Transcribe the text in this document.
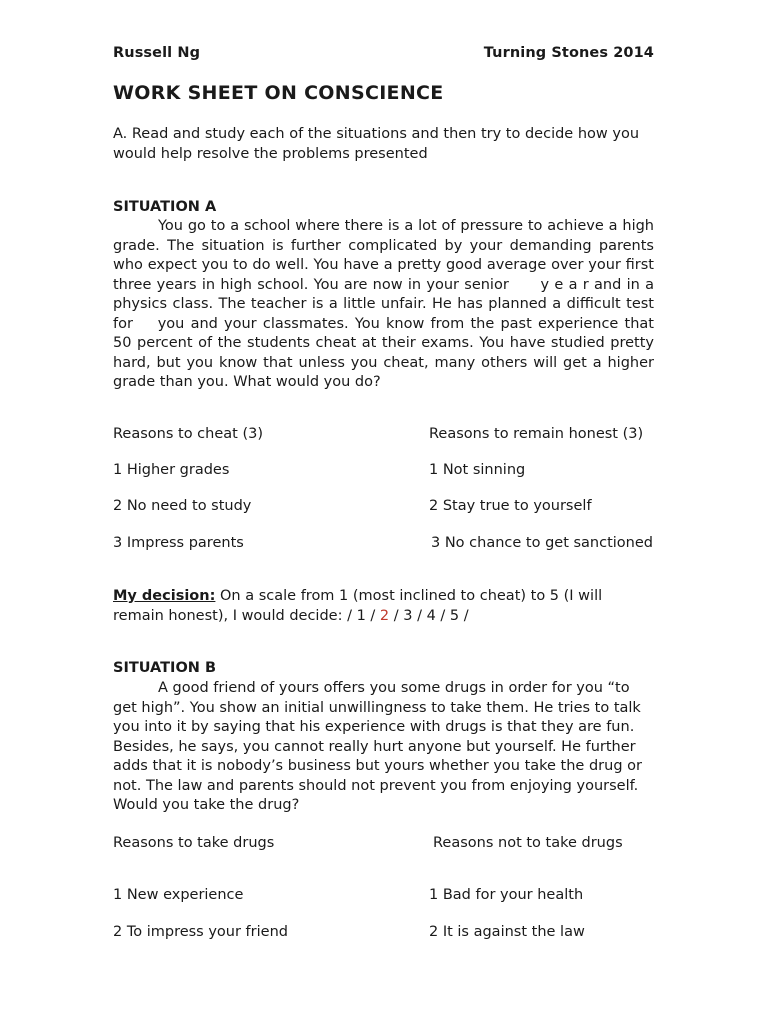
Russell Ng	Turning Stones 2014
WORK SHEET ON CONSCIENCE
A. Read and study each of the situations and then try to decide how you would help resolve the problems presented
SITUATION A
You go to a school where there is a lot of pressure to achieve a high grade. The situation is further complicated by your demanding parents who expect you to do well. You have a pretty good average over your first three years in high school. You are now in your senior      y e a r and in a physics class. The teacher is a little unfair. He has planned a difficult test for    you and your classmates. You know from the past experience that 50 percent of the students cheat at their exams. You have studied pretty hard, but you know that unless you cheat, many others will get a higher grade than you. What would you do?
Reasons to cheat (3)	Reasons to remain honest (3)
1 Higher grades	1 Not sinning
2 No need to study	2 Stay true to yourself
3 Impress parents	3 No chance to get sanctioned
My decision: On a scale from 1 (most inclined to cheat) to 5 (I will remain honest), I would decide: / 1 / 2 / 3 / 4 / 5 /
SITUATION B
A good friend of yours offers you some drugs in order for you “to get high”. You show an initial unwillingness to take them. He tries to talk you into it by saying that his experience with drugs is that they are fun. Besides, he says, you cannot really hurt anyone but yourself. He further adds that it is nobody’s business but yours whether you take the drug or not. The law and parents should not prevent you from enjoying yourself. Would you take the drug?
Reasons to take drugs	Reasons not to take drugs
1 New experience	1 Bad for your health
2 To impress your friend	2 It is against the law
